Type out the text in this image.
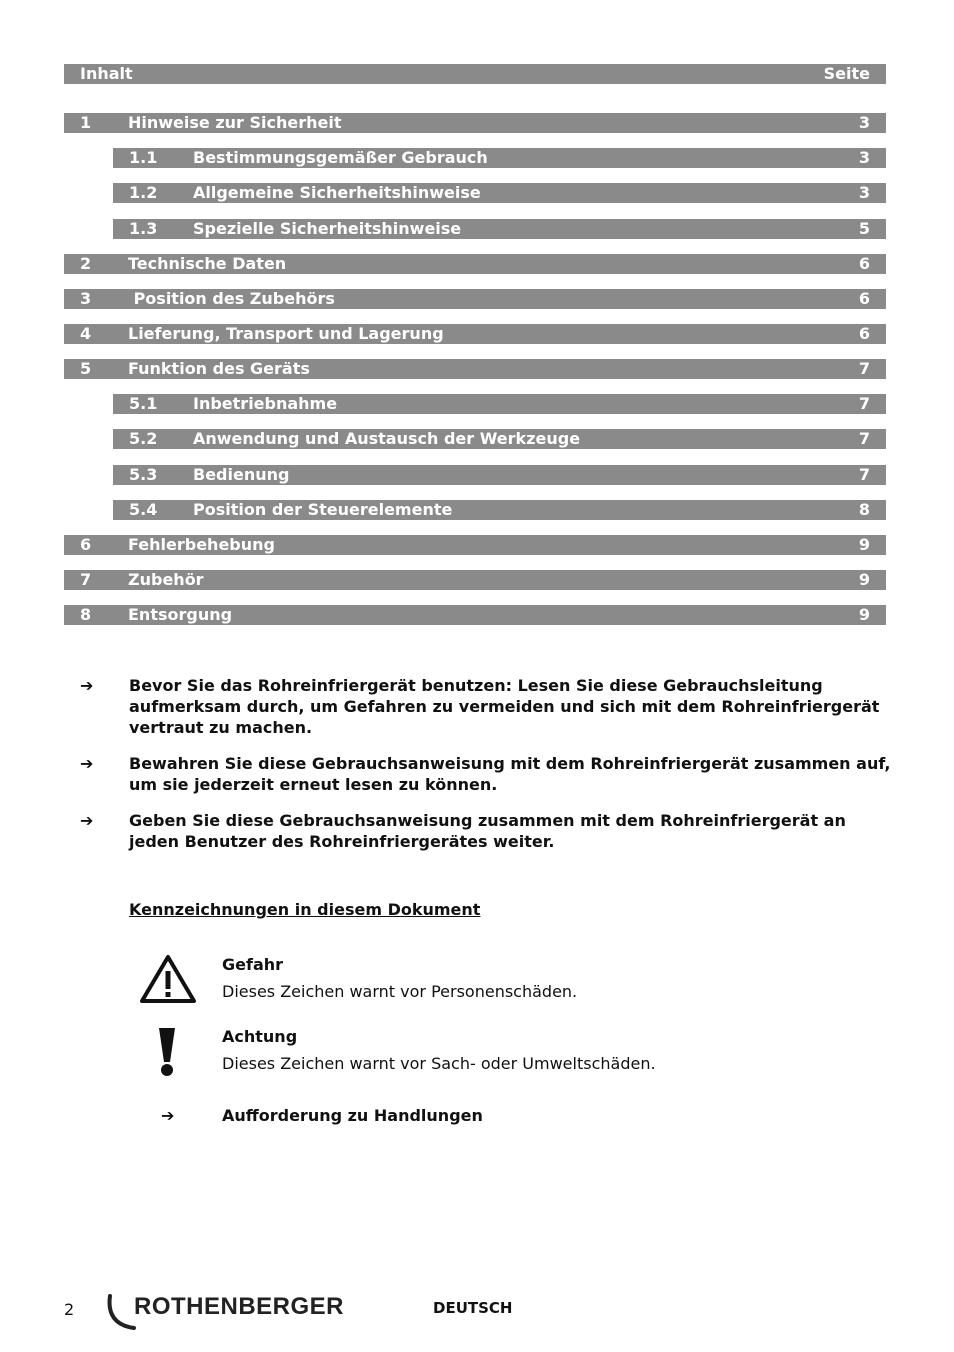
Inhalt	Seite
1 Hinweise zur Sicherheit	3
1.1 Bestimmungsgemäßer Gebrauch	3
1.2 Allgemeine Sicherheitshinweise	3
1.3 Spezielle Sicherheitshinweise	5
2 Technische Daten	6
3 Position des Zubehörs	6
4 Lieferung, Transport und Lagerung	6
5 Funktion des Geräts	7
5.1 Inbetriebnahme	7
5.2 Anwendung und Austausch der Werkzeuge	7
5.3 Bedienung	7
5.4 Position der Steuerelemente	8
6 Fehlerbehebung	9
7 Zubehör	9
8 Entsorgung	9
➔ Bevor Sie das Rohreinfriergerät benutzen: Lesen Sie diese Gebrauchsleitung aufmerksam durch, um Gefahren zu vermeiden und sich mit dem Rohreinfriergerät vertraut zu machen.
➔ Bewahren Sie diese Gebrauchsanweisung mit dem Rohreinfriergerät zusammen auf, um sie jederzeit erneut lesen zu können.
➔ Geben Sie diese Gebrauchsanweisung zusammen mit dem Rohreinfriergerät an jeden Benutzer des Rohreinfriergerätes weiter.
Kennzeichnungen in diesem Dokument
Gefahr
Dieses Zeichen warnt vor Personenschäden.
Achtung
Dieses Zeichen warnt vor Sach- oder Umweltschäden.
➔	Aufforderung zu Handlungen
2 ROTHENBERGER	DEUTSCH
